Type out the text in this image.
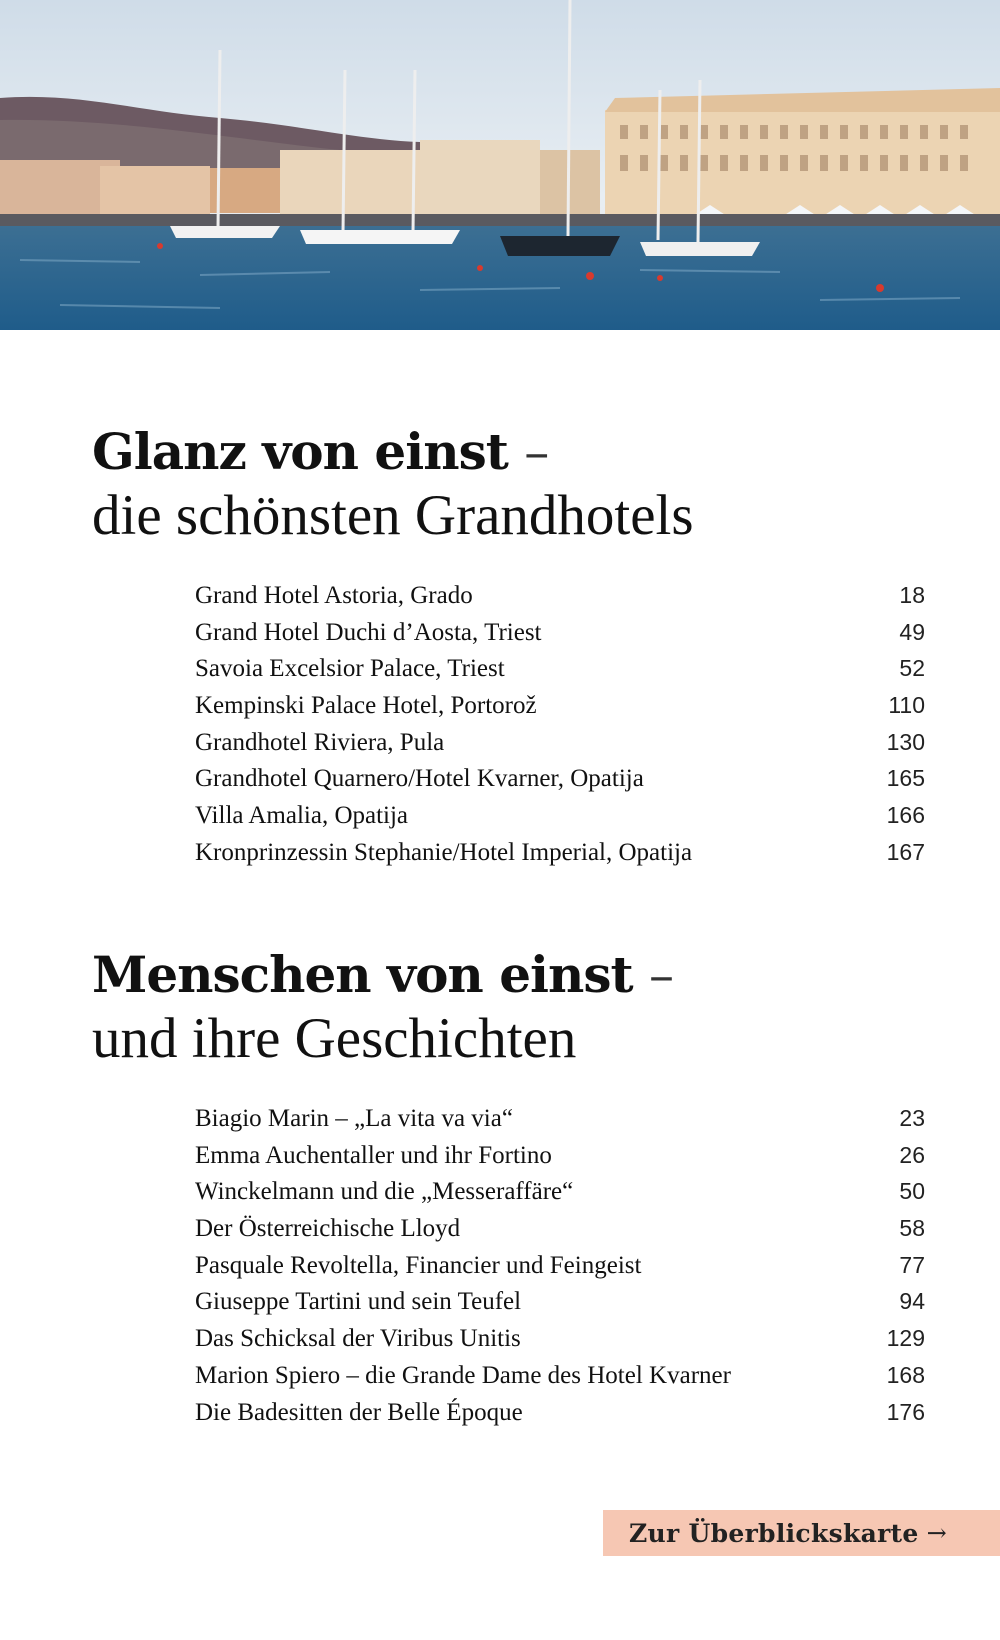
Glanz von einst –
die schönsten Grandhotels
Grand Hotel Astoria, Grado	18
Grand Hotel Duchi d’Aosta, Triest	49
Savoia Excelsior Palace, Triest	52
Kempinski Palace Hotel, Portorož	110
Grandhotel Riviera, Pula	130
Grandhotel Quarnero/Hotel Kvarner, Opatija	165
Villa Amalia, Opatija	166
Kronprinzessin Stephanie/Hotel Imperial, Opatija	167
Menschen von einst –
und ihre Geschichten
Biagio Marin – „La vita va via“	23
Emma Auchentaller und ihr Fortino	26
Winckelmann und die „Messeraffäre“	50
Der Österreichische Lloyd	58
Pasquale Revoltella, Financier und Feingeist	77
Giuseppe Tartini und sein Teufel	94
Das Schicksal der Viribus Unitis	129
Marion Spiero – die Grande Dame des Hotel Kvarner	168
Die Badesitten der Belle Époque	176
Zur Überblickskarte →
